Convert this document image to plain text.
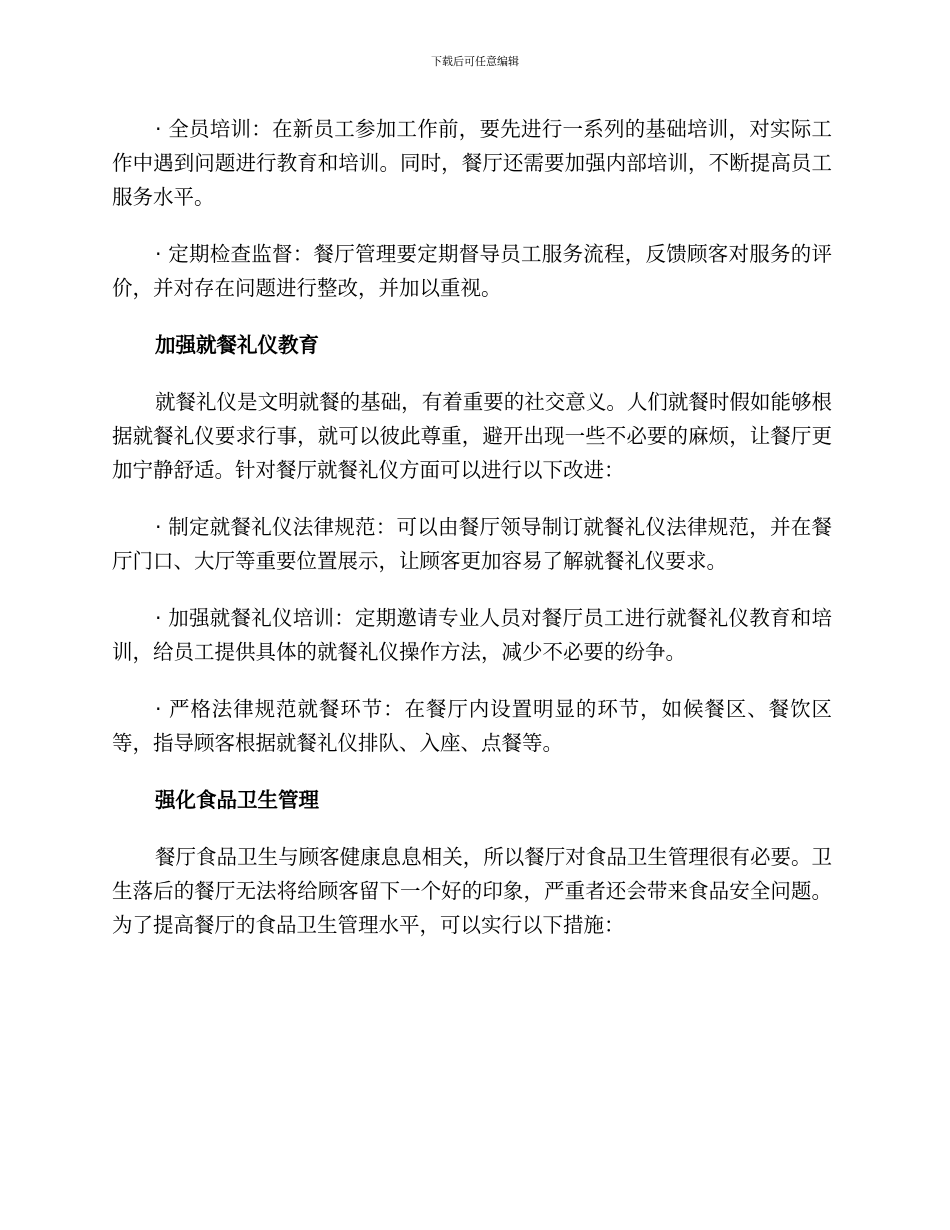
下载后可任意编辑

· 全员培训：在新员工参加工作前，要先进行一系列的基础培训，对实际工作中遇到问题进行教育和培训。同时，餐厅还需要加强内部培训，不断提高员工服务水平。

· 定期检查监督：餐厅管理要定期督导员工服务流程，反馈顾客对服务的评价，并对存在问题进行整改，并加以重视。

加强就餐礼仪教育

就餐礼仪是文明就餐的基础，有着重要的社交意义。人们就餐时假如能够根据就餐礼仪要求行事，就可以彼此尊重，避开出现一些不必要的麻烦，让餐厅更加宁静舒适。针对餐厅就餐礼仪方面可以进行以下改进：

· 制定就餐礼仪法律规范：可以由餐厅领导制订就餐礼仪法律规范，并在餐厅门口、大厅等重要位置展示，让顾客更加容易了解就餐礼仪要求。

· 加强就餐礼仪培训：定期邀请专业人员对餐厅员工进行就餐礼仪教育和培训，给员工提供具体的就餐礼仪操作方法，减少不必要的纷争。

· 严格法律规范就餐环节：在餐厅内设置明显的环节，如候餐区、餐饮区等，指导顾客根据就餐礼仪排队、入座、点餐等。

强化食品卫生管理

餐厅食品卫生与顾客健康息息相关，所以餐厅对食品卫生管理很有必要。卫生落后的餐厅无法将给顾客留下一个好的印象，严重者还会带来食品安全问题。为了提高餐厅的食品卫生管理水平，可以实行以下措施：
